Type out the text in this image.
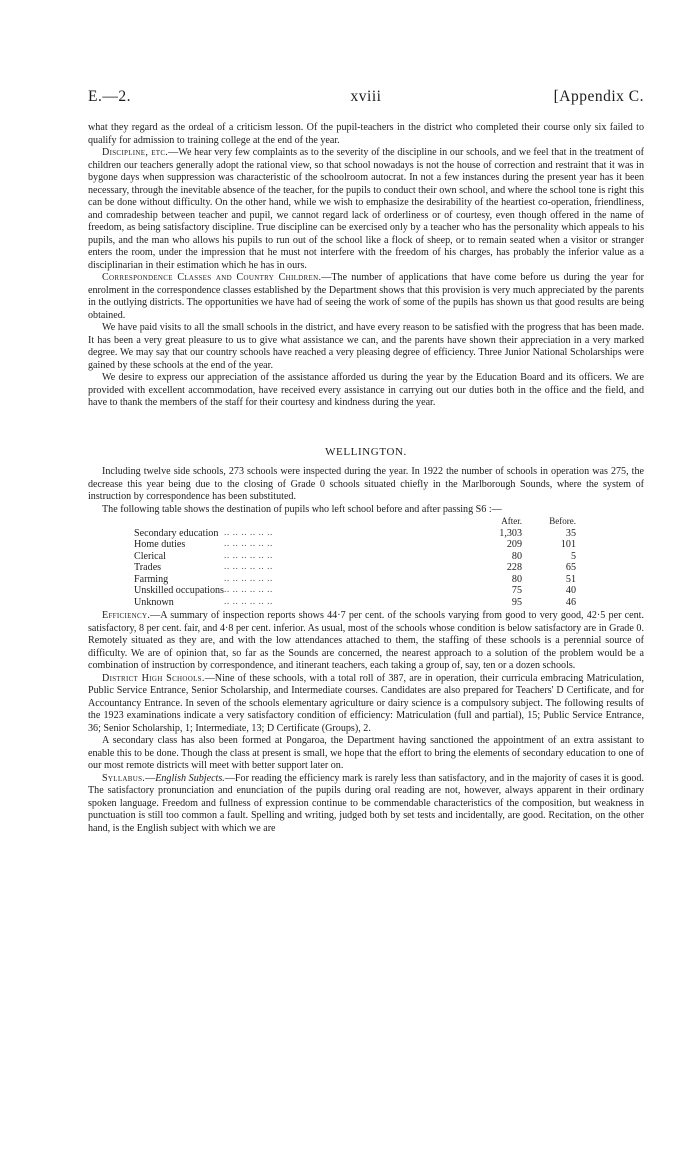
E.—2.	xviii	[Appendix C.

what they regard as the ordeal of a criticism lesson. Of the pupil-teachers in the district who completed their course only six failed to qualify for admission to training college at the end of the year.

Discipline, etc.—We hear very few complaints as to the severity of the discipline in our schools, and we feel that in the treatment of children our teachers generally adopt the rational view, so that school nowadays is not the house of correction and restraint that it was in bygone days when suppression was characteristic of the schoolroom autocrat. In not a few instances during the present year has it been necessary, through the inevitable absence of the teacher, for the pupils to conduct their own school, and where the school tone is right this can be done without difficulty. On the other hand, while we wish to emphasize the desirability of the heartiest co-operation, friendliness, and comradeship between teacher and pupil, we cannot regard lack of orderliness or of courtesy, even though offered in the name of freedom, as being satisfactory discipline. True discipline can be exercised only by a teacher who has the personality which appeals to his pupils, and the man who allows his pupils to run out of the school like a flock of sheep, or to remain seated when a visitor or stranger enters the room, under the impression that he must not interfere with the freedom of his charges, has probably the inferior value as a disciplinarian in their estimation which he has in ours.

Correspondence Classes and Country Children.—The number of applications that have come before us during the year for enrolment in the correspondence classes established by the Department shows that this provision is very much appreciated by the parents in the outlying districts. The opportunities we have had of seeing the work of some of the pupils has shown us that good results are being obtained.

We have paid visits to all the small schools in the district, and have every reason to be satisfied with the progress that has been made. It has been a very great pleasure to us to give what assistance we can, and the parents have shown their appreciation in a very marked degree. We may say that our country schools have reached a very pleasing degree of efficiency. Three Junior National Scholarships were gained by these schools at the end of the year.

We desire to express our appreciation of the assistance afforded us during the year by the Education Board and its officers. We are provided with excellent accommodation, have received every assistance in carrying out our duties both in the office and the field, and have to thank the members of the staff for their courtesy and kindness during the year.

WELLINGTON.

Including twelve side schools, 273 schools were inspected during the year. In 1922 the number of schools in operation was 275, the decrease this year being due to the closing of Grade 0 schools situated chiefly in the Marlborough Sounds, where the system of instruction by correspondence has been substituted.

The following table shows the destination of pupils who left school before and after passing S6 :—

		After.	Before.
Secondary education	.. .. .. .. .. ..	1,303	35
Home duties	.. .. .. .. .. ..	209	101
Clerical	.. .. .. .. .. ..	80	5
Trades	.. .. .. .. .. ..	228	65
Farming	.. .. .. .. .. ..	80	51
Unskilled occupations	.. .. .. .. .. ..	75	40
Unknown	.. .. .. .. .. ..	95	46

Efficiency.—A summary of inspection reports shows 44·7 per cent. of the schools varying from good to very good, 42·5 per cent. satisfactory, 8 per cent. fair, and 4·8 per cent. inferior. As usual, most of the schools whose condition is below satisfactory are in Grade 0. Remotely situated as they are, and with the low attendances attached to them, the staffing of these schools is a perennial source of difficulty. We are of opinion that, so far as the Sounds are concerned, the nearest approach to a solution of the problem would be a combination of instruction by correspondence, and itinerant teachers, each taking a group of, say, ten or a dozen schools.

District High Schools.—Nine of these schools, with a total roll of 387, are in operation, their curricula embracing Matriculation, Public Service Entrance, Senior Scholarship, and Intermediate courses. Candidates are also prepared for Teachers' D Certificate, and for Accountancy Entrance. In seven of the schools elementary agriculture or dairy science is a compulsory subject. The following results of the 1923 examinations indicate a very satisfactory condition of efficiency: Matriculation (full and partial), 15; Public Service Entrance, 36; Senior Scholarship, 1; Intermediate, 13; D Certificate (Groups), 2.

A secondary class has also been formed at Pongaroa, the Department having sanctioned the appointment of an extra assistant to enable this to be done. Though the class at present is small, we hope that the effort to bring the elements of secondary education to one of our most remote districts will meet with better support later on.

Syllabus.—English Subjects.—For reading the efficiency mark is rarely less than satisfactory, and in the majority of cases it is good. The satisfactory pronunciation and enunciation of the pupils during oral reading are not, however, always apparent in their ordinary spoken language. Freedom and fullness of expression continue to be commendable characteristics of the composition, but weakness in punctuation is still too common a fault. Spelling and writing, judged both by set tests and incidentally, are good. Recitation, on the other hand, is the English subject with which we are
